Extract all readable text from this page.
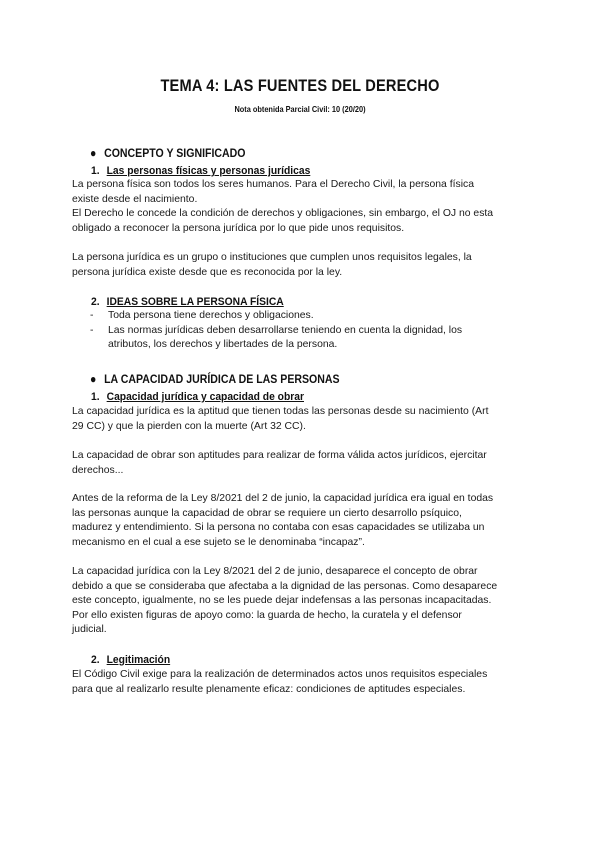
TEMA 4: LAS FUENTES DEL DERECHO
Nota obtenida Parcial Civil: 10 (20/20)
● CONCEPTO Y SIGNIFICADO
1. Las personas físicas y personas jurídicas

La persona física son todos los seres humanos. Para el Derecho Civil, la persona física

existe desde el nacimiento.

El Derecho le concede la condición de derechos y obligaciones, sin embargo, el OJ no esta

obligado a reconocer la persona jurídica por lo que pide unos requisitos.

La persona jurídica es un grupo o instituciones que cumplen unos requisitos legales, la

persona jurídica existe desde que es reconocida por la ley.

2. IDEAS SOBRE LA PERSONA FÍSICA
- Toda persona tiene derechos y obligaciones.

- Las normas jurídicas deben desarrollarse teniendo en cuenta la dignidad, los

atributos, los derechos y libertades de la persona.

● LA CAPACIDAD JURÍDICA DE LAS PERSONAS
1. Capacidad jurídica y capacidad de obrar

La capacidad jurídica es la aptitud que tienen todas las personas desde su nacimiento (Art

29 CC) y que la pierden con la muerte (Art 32 CC).

La capacidad de obrar son aptitudes para realizar de forma válida actos jurídicos, ejercitar

derechos...

Antes de la reforma de la Ley 8/2021 del 2 de junio, la capacidad jurídica era igual en todas

las personas aunque la capacidad de obrar se requiere un cierto desarrollo psíquico,

madurez y entendimiento. Si la persona no contaba con esas capacidades se utilizaba un

mecanismo en el cual a ese sujeto se le denominaba “incapaz”.

La capacidad jurídica con la Ley 8/2021 del 2 de junio, desaparece el concepto de obrar

debido a que se consideraba que afectaba a la dignidad de las personas. Como desaparece

este concepto, igualmente, no se les puede dejar indefensas a las personas incapacitadas.

Por ello existen figuras de apoyo como: la guarda de hecho, la curatela y el defensor

judicial.

2. Legitimación

El Código Civil exige para la realización de determinados actos unos requisitos especiales

para que al realizarlo resulte plenamente eficaz: condiciones de aptitudes especiales.
